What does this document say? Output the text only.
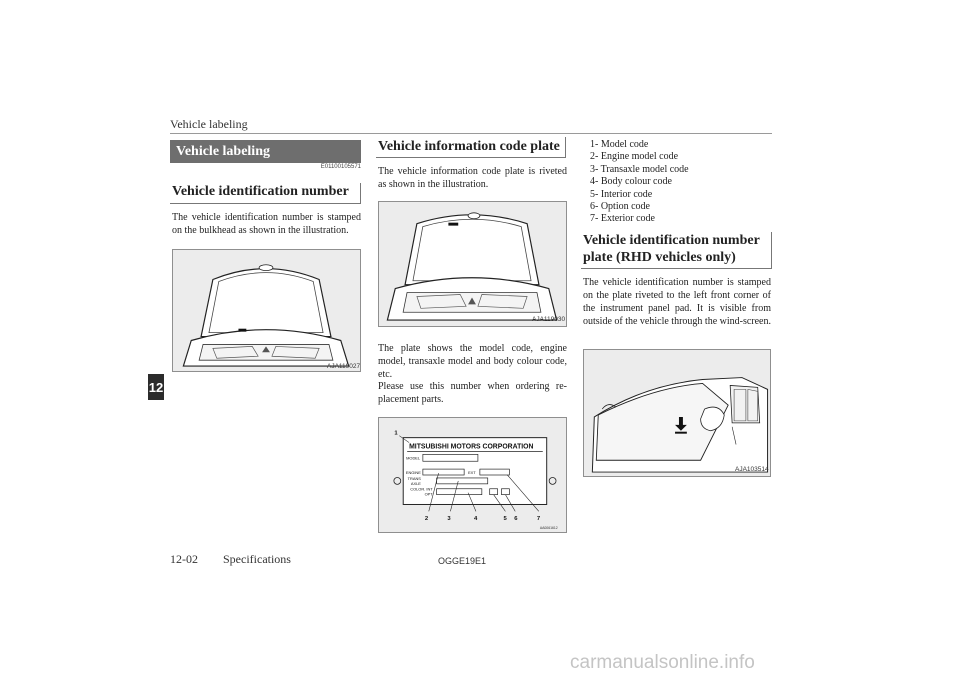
Vehicle labeling
12
Vehicle labeling
E01100105571
Vehicle identification number
The vehicle identification number is stamped on the bulkhead as shown in the illustration.
AJA119027
Vehicle information code plate
The vehicle information code plate is riveted as shown in the illustration.
AJA119030
The plate shows the model code, engine model, transaxle model and body colour code, etc.
Please use this number when ordering re-placement parts.
MITSUBISHI MOTORS CORPORATION
MODEL
ENGINE	EXT
TRANS
AXLE
COLOR. INT
OPT
1
2	3	4	5 6	7
AA0061612
1- Model code
2- Engine model code
3- Transaxle model code
4- Body colour code
5- Interior code
6- Option code
7- Exterior code
Vehicle identification number
plate (RHD vehicles only)
The vehicle identification number is stamped on the plate riveted to the left front corner of the instrument panel pad. It is visible from outside of the vehicle through the wind-screen.
AJA103514
12-02 Specifications	OGGE19E1
carmanualsonline.info
